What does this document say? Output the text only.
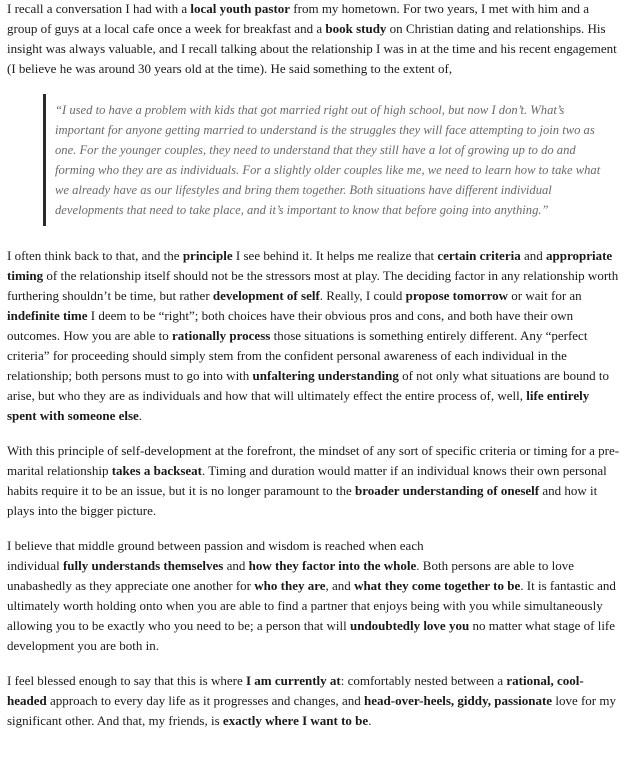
I recall a conversation I had with a local youth pastor from my hometown. For two years, I met with him and a group of guys at a local cafe once a week for breakfast and a book study on Christian dating and relationships. His insight was always valuable, and I recall talking about the relationship I was in at the time and his recent engagement (I believe he was around 30 years old at the time). He said something to the extent of,

“I used to have a problem with kids that got married right out of high school, but now I don’t. What’s important for anyone getting married to understand is the struggles they will face attempting to join two as one. For the younger couples, they need to understand that they still have a lot of growing up to do and forming who they are as individuals. For a slightly older couples like me, we need to learn how to take what we already have as our lifestyles and bring them together. Both situations have different individual developments that need to take place, and it’s important to know that before going into anything.”

I often think back to that, and the principle I see behind it. It helps me realize that certain criteria and appropriate timing of the relationship itself should not be the stressors most at play. The deciding factor in any relationship worth furthering shouldn’t be time, but rather development of self. Really, I could propose tomorrow or wait for an indefinite time I deem to be “right”; both choices have their obvious pros and cons, and both have their own outcomes. How you are able to rationally process those situations is something entirely different. Any “perfect criteria” for proceeding should simply stem from the confident personal awareness of each individual in the relationship; both persons must to go into with unfaltering understanding of not only what situations are bound to arise, but who they are as individuals and how that will ultimately effect the entire process of, well, life entirely spent with someone else.

With this principle of self-development at the forefront, the mindset of any sort of specific criteria or timing for a pre-marital relationship takes a backseat. Timing and duration would matter if an individual knows their own personal habits require it to be an issue, but it is no longer paramount to the broader understanding of oneself and how it plays into the bigger picture.

I believe that middle ground between passion and wisdom is reached when each
individual fully understands themselves and how they factor into the whole. Both persons are able to love unabashedly as they appreciate one another for who they are, and what they come together to be. It is fantastic and ultimately worth holding onto when you are able to find a partner that enjoys being with you while simultaneously allowing you to be exactly who you need to be; a person that will undoubtedly love you no matter what stage of life development you are both in.

I feel blessed enough to say that this is where I am currently at: comfortably nested between a rational, cool-headed approach to every day life as it progresses and changes, and head-over-heels, giddy, passionate love for my significant other. And that, my friends, is exactly where I want to be.
